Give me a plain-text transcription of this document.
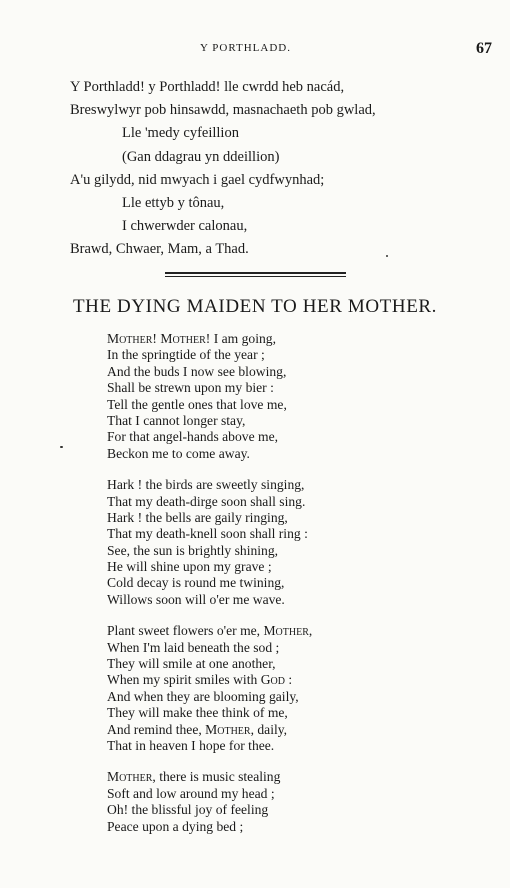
Y PORTHLADD.	67
Y Porthladd! y Porthladd! lle cwrdd heb nacád,
Breswylwyr pob hinsawdd, masnachaeth pob gwlad,
Lle 'medy cyfeillion
(Gan ddagrau yn ddeillion)
A'u gilydd, nid mwyach i gael cydfwynhad;
Lle ettyb y tônau,
I chwerwder calonau,
Brawd, Chwaer, Mam, a Thad.
THE DYING MAIDEN TO HER MOTHER.
Mother! Mother! I am going,
In the springtide of the year ;
And the buds I now see blowing,
Shall be strewn upon my bier :
Tell the gentle ones that love me,
That I cannot longer stay,
For that angel-hands above me,
Beckon me to come away.
Hark ! the birds are sweetly singing,
That my death-dirge soon shall sing.
Hark ! the bells are gaily ringing,
That my death-knell soon shall ring :
See, the sun is brightly shining,
He will shine upon my grave ;
Cold decay is round me twining,
Willows soon will o'er me wave.
Plant sweet flowers o'er me, Mother,
When I'm laid beneath the sod ;
They will smile at one another,
When my spirit smiles with God :
And when they are blooming gaily,
They will make thee think of me,
And remind thee, Mother, daily,
That in heaven I hope for thee.
Mother, there is music stealing
Soft and low around my head ;
Oh! the blissful joy of feeling
Peace upon a dying bed ;
